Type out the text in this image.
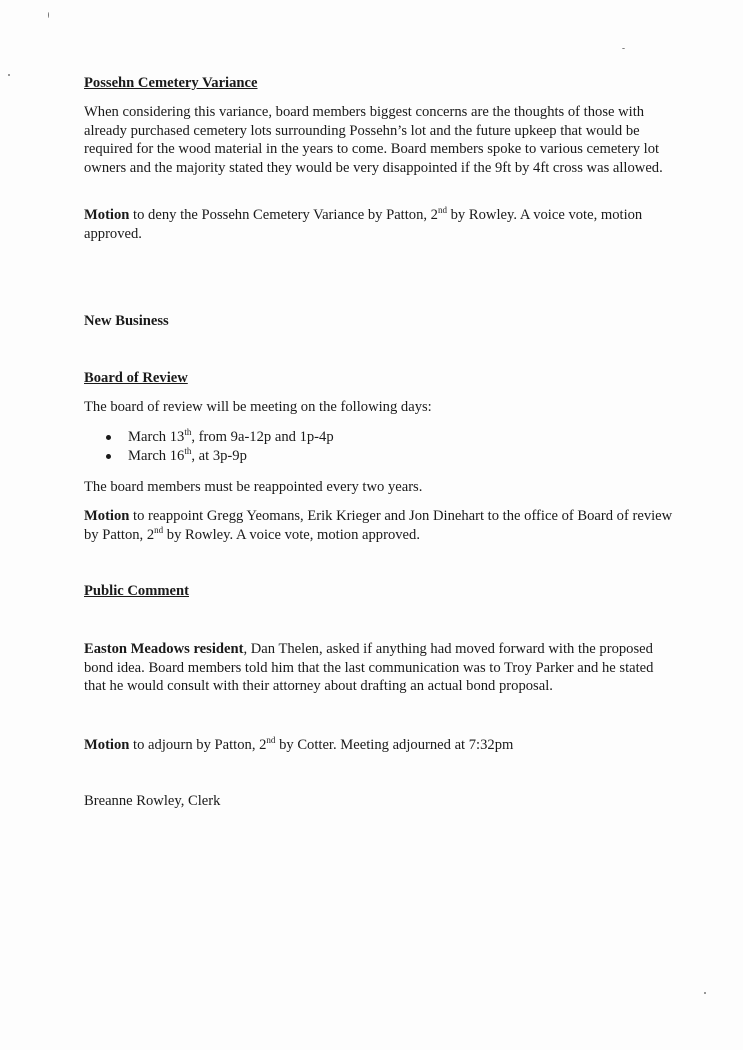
Possehn Cemetery Variance

When considering this variance, board members biggest concerns are the thoughts of those with already purchased cemetery lots surrounding Possehn’s lot and the future upkeep that would be required for the wood material in the years to come. Board members spoke to various cemetery lot owners and the majority stated they would be very disappointed if the 9ft by 4ft cross was allowed.

Motion to deny the Possehn Cemetery Variance by Patton, 2nd by Rowley. A voice vote, motion approved.

New Business
Board of Review

The board of review will be meeting on the following days:

March 13th, from 9a-12p and 1p-4p
March 16th, at 3p-9p

The board members must be reappointed every two years.

Motion to reappoint Gregg Yeomans, Erik Krieger and Jon Dinehart to the office of Board of review by Patton, 2nd by Rowley. A voice vote, motion approved.

Public Comment

Easton Meadows resident, Dan Thelen, asked if anything had moved forward with the proposed bond idea. Board members told him that the last communication was to Troy Parker and he stated that he would consult with their attorney about drafting an actual bond proposal.

Motion to adjourn by Patton, 2nd by Cotter. Meeting adjourned at 7:32pm

Breanne Rowley, Clerk
